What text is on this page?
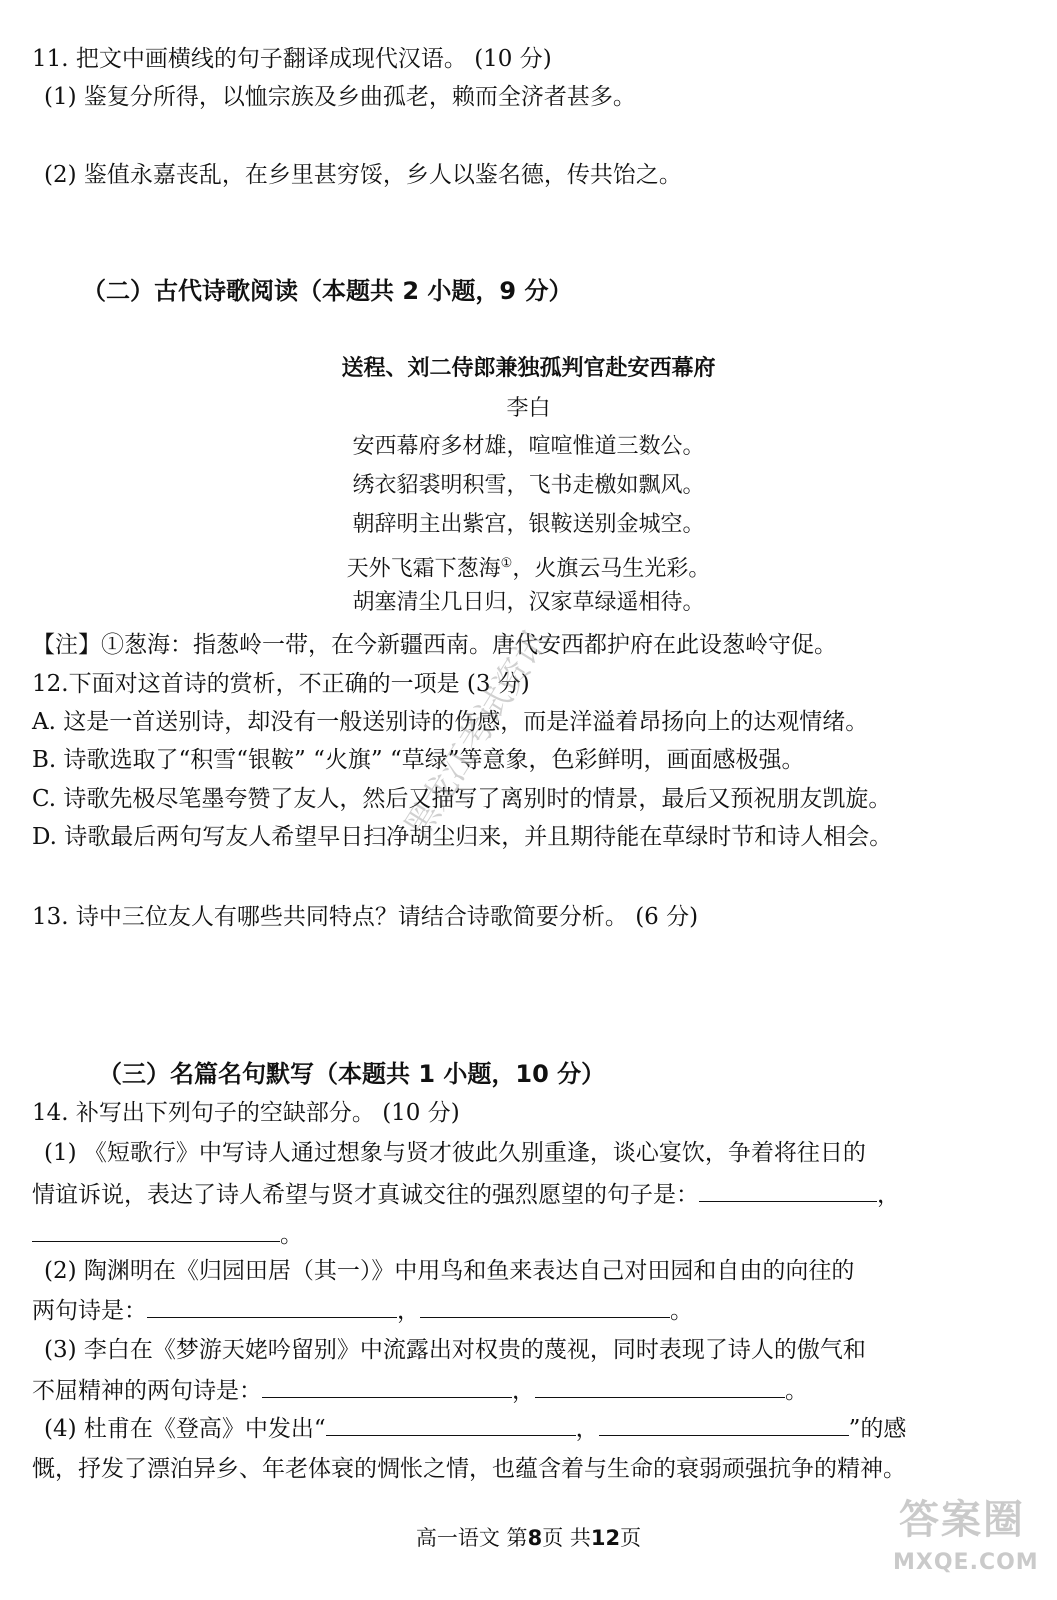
11. 把文中画横线的句子翻译成现代汉语。 (10 分)
(1) 鉴复分所得，以恤宗族及乡曲孤老，赖而全济者甚多。
(2) 鉴值永嘉丧乱，在乡里甚穷馁，乡人以鉴名德，传共饴之。
（二）古代诗歌阅读（本题共 2 小题，9 分）
送程、刘二侍郎兼独孤判官赴安西幕府
李白
安西幕府多材雄，喧喧惟道三数公。
绣衣貂裘明积雪，飞书走檄如飘风。
朝辞明主出紫宫，银鞍送别金城空。
天外飞霜下葱海①，火旗云马生光彩。
胡塞清尘几日归，汉家草绿遥相待。
【注】①葱海：指葱岭一带，在今新疆西南。唐代安西都护府在此设葱岭守促。
12.下面对这首诗的赏析，不正确的一项是 (3 分)
A. 这是一首送别诗，却没有一般送别诗的伤感，而是洋溢着昂扬向上的达观情绪。
B. 诗歌选取了“积雪“银鞍” “火旗” “草绿”等意象，色彩鲜明，画面感极强。
C. 诗歌先极尽笔墨夸赞了友人，然后又描写了离别时的情景，最后又预祝朋友凯旋。
D. 诗歌最后两句写友人希望早日扫净胡尘归来，并且期待能在草绿时节和诗人相会。
13. 诗中三位友人有哪些共同特点？请结合诗歌简要分析。 (6 分)
（三）名篇名句默写（本题共 1 小题，10 分）
14. 补写出下列句子的空缺部分。 (10 分)
(1) 《短歌行》中写诗人通过想象与贤才彼此久别重逢，谈心宴饮，争着将往日的
情谊诉说，表达了诗人希望与贤才真诚交往的强烈愿望的句子是：	，
。
(2) 陶渊明在《归园田居（其一）》中用鸟和鱼来表达自己对田园和自由的向往的
两句诗是：	，	。
(3) 李白在《梦游天姥吟留别》中流露出对权贵的蔑视，同时表现了诗人的傲气和
不屈精神的两句诗是：	，	。
(4) 杜甫在《登高》中发出“	，	”的感
慨，抒发了漂泊异乡、年老体衰的惆怅之情，也蕴含着与生命的衰弱顽强抗争的精神。
黑龙江考试资讯
高一语文 第8页 共12页	答案圈
MXQE.COM
